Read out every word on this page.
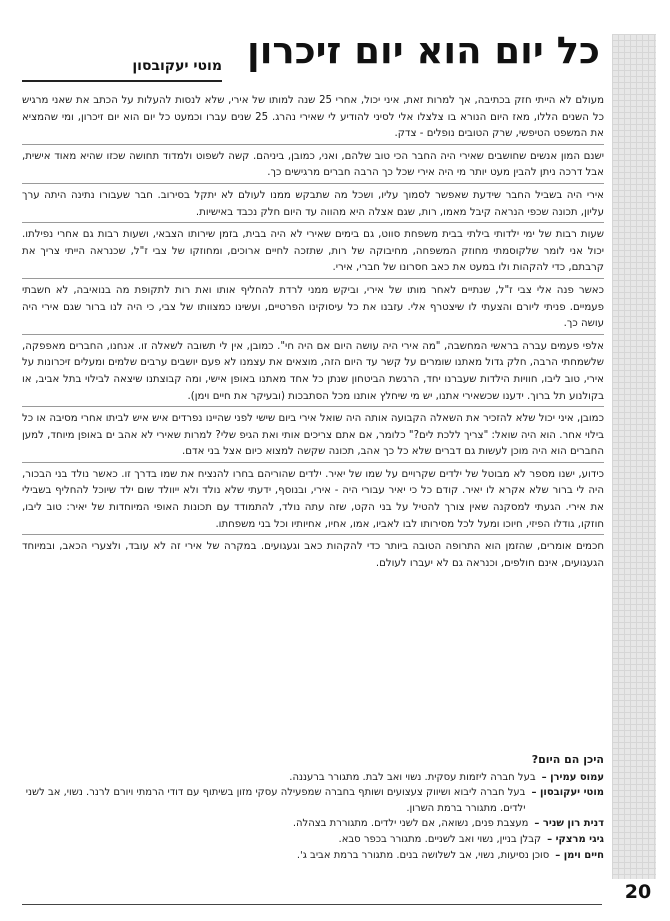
כל יום הוא יום זיכרון
מוטי יעקובסון

מעולם לא הייתי חזק בכתיבה, אך למרות זאת, איני יכול, אחרי 25 שנה למותו של אירי, שלא לנסות להעלות על הכתב את שאני מרגיש כל השנים הללו, מאז היום הנורא בו צלצלו אלי לסיני להודיע לי שאירי נהרג. 25 שנים עברו וכמעט כל יום הוא יום זיכרון, ומי שהמציא את המשפט הטיפשי, שרק הטובים נופלים - צדק.

ישנם המון אנשים שחושבים שאירי היה החבר הכי טוב שלהם, ואני, כמובן, ביניהם. קשה לשפוט ולמדוד תחושה שכזו שהיא מאוד אישית, אבל דרכה ניתן להבין מעט יותר מי היה אירי שכל כך הרבה חברים מרגישים כך.

אירי היה בשביל החבר שידעת שאפשר לסמוך עליו, ושכל מה שתבקש ממנו לעולם לא יתקל בסירוב. חבר שעבורו נתינה היתה ערך עליון, תכונה שכפי הנראה קיבל מאמו, רות, שגם אצלה היא מהווה עד היום חלק נכבד באישיות.

שעות רבות של ימי ילדותי בילתי בבית משפחת סווט, גם בימים שאירי לא היה בבית, בזמן שירותו הצבאי, ושעות רבות גם אחרי נפילתו. יכול אני לומר שלקוסמתי מחוזק המשפחה, מחיבוקה של רות, שתזכה לחיים ארוכים, ומחוזקו של צבי ז"ל, שכנראה הייתי צריך את קרבתם, כדי להקהות ולו במעט את כאב חסרונו של חברי, אירי.

כאשר פנה אלי צבי ז"ל, שנתיים לאחר מותו של אירי, וביקש ממני לרדת להחליף אותו ואת רות לתקופת מה בנואיבה, לא חשבתי פעמיים. פניתי ליורם והצעתי לו שיצטרף אלי. עזבנו את כל עיסוקינו הפרטיים, ועשינו כמצוותו של צבי, כי היה לנו ברור שגם אירי היה עושה כך.

אלפי פעמים עברה בראשי המחשבה, "מה אירי היה עושה היום אם היה חי". כמובן, אין לי תשובה לשאלה זו. אנחנו, החברים מאפפקה, שלשמחתי הרבה, חלק גדול מאתנו שומרים על קשר עד היום הזה, מוצאים את עצמנו לא פעם יושבים ערבים שלמים ומעלים זיכרונות על אירי, טוב ליבו, חוויות הילדות שעברנו יחד, הרגשת הביטחון שנתן כל אחד מאתנו באופן אישי, ומה קבוצתנו שיצאה לבילוי בתל אביב, או בקולנוע תל ברוך. ידענו שכשאירי אתנו, יש מי שיחלץ אותנו מכל הסתבכות (ובעיקר את חיים וימן).

כמובן, איני יכול שלא להזכיר את השאלה הקבועה אותה היה שואל אירי ביום שישי לפני שהיינו נפרדים איש איש לביתו אחרי מסיבה או כל בילוי אחר. הוא היה שואל: "צריך ללכת לים?" כלומר, אם אתם צריכים אותי ואת הגיפ שלי? למרות שאירי לא אהב ים באופן מיוחד, למען החברים הוא היה מוכן לעשות גם דברים שלא כל כך אהב, תכונה שקשה למצוא כיום אצל בני אדם.

כידוע, ישנו מספר לא מבוטל של ילדים שקרויים על שמו של יאיר. ילדים שהוריהם בחרו להנציח את שמו בדרך זו. כאשר נולד בני הבכור, היה לי ברור שלא אקרא לו יאיר. קודם כל כי יאיר עבורי היה - אירי, ובנוסף, ידעתי שלא נולד ולא ייוולד שום ילד שיוכל להחליף בשבילי את אירי. הגעתי למסקנה שאין צורך להטיל על בני הקט, שזה עתה נולד, להתמודד עם תכונות האופי המיוחדות של יאיר: טוב ליבו, חוזקו, גודלו הפיזי, חיוכו ומעל לכל מסירותו לבו לאביו, אמו, אחיו, אחיותיו וכל בני משפחתו.

חכמים אומרים, שהזמן הוא התרופה הטובה ביותר כדי להקהות כאב וגעגועים. במקרה של אירי זה לא עובד, ולצערי הכאב, ובמיוחד הגעגועים, אינם חולפים, וכנראה גם לא יעברו לעולם.

היכן הם היום?
עמוס עמירן –
בעל חברה ליזמות עסקית. נשוי ואב לבת. מתגורר ברעננה.
מוטי יעקובסון –
בעל חברה ליבוא ושיווק צעצועים ושותף בחברה שמפעילה עסקי מזון בשיתוף עם דודי הרמתי ויורם לרנר. נשוי, אב לשני ילדים. מתגורר ברמת השרון.
דנית רון שניר –
מעצבת פנים, נשואה, אם לשני ילדים. מתגוררת בצהלה.
גיגי מרצקי –
קבלן בניין, נשוי ואב לשניים. מתגורר בכפר סבא.
חיים וימן –
סוכן נסיעות, נשוי, אב לשלושה בנים. מתגורר ברמת אביב ג'.
20
